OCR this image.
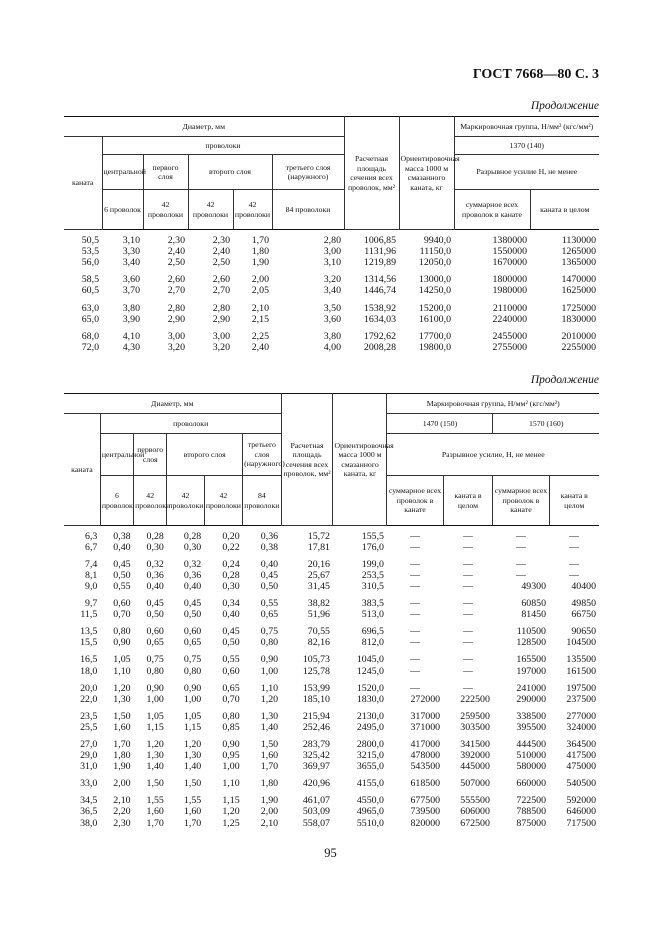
ГОСТ 7668—80 С. 3
Продолжение
Диаметр, мм						Расчетная площадь сечения всех проволок, мм²	Ориентировочная масса 1000 м смазанного каната, кг	Маркировочная группа, Н/мм² (кгс/мм²)	
каната	проволоки							1370 (140)	
	центральной	первого слоя	второго слоя		третьего слоя (наружного)			Разрывное усилие Н, не менее	
	6 проволок	42 проволоки	42 проволоки	42 проволоки	84 проволоки			суммарное всех проволок в канате	каната в целом
50,5	3,10	2,30	2,30	1,70	2,80	1006,85	9940,0	1380000	1130000
53,5	3,30	2,40	2,40	1,80	3,00	1131,96	11150,0	1550000	1265000
56,0	3,40	2,50	2,50	1,90	3,10	1219,89	12050,0	1670000	1365000
58,5	3,60	2,60	2,60	2,00	3,20	1314,56	13000,0	1800000	1470000
60,5	3,70	2,70	2,70	2,05	3,40	1446,74	14250,0	1980000	1625000
63,0	3,80	2,80	2,80	2,10	3,50	1538,92	15200,0	2110000	1725000
65,0	3,90	2,90	2,90	2,15	3,60	1634,03	16100,0	2240000	1830000
68,0	4,10	3,00	3,00	2,25	3,80	1792,62	17700,0	2455000	2010000
72,0	4,30	3,20	3,20	2,40	4,00	2008,28	19800,0	2755000	2255000
Продолжение
Диаметр, мм						Расчетная площадь сечения всех проволок, мм²	Ориентировочная масса 1000 м смазанного каната, кг	Маркировочная группа, Н/мм² (кгс/мм²)			
каната	проволоки							1470 (150)		1570 (160)	
	центральной	первого слоя	второго слоя		третьего слоя (наружного)			Разрывное усилие, Н, не менее			
	6 проволок	42 проволоки	42 проволоки	42 проволоки	84 проволоки			суммарное всех проволок в канате	каната в целом	суммарное всех проволок в канате	каната в целом
6,3	0,38	0,28	0,28	0,20	0,36	15,72	155,5	—	—	—	—
6,7	0,40	0,30	0,30	0,22	0,38	17,81	176,0	—	—	—	—
7,4	0,45	0,32	0,32	0,24	0,40	20,16	199,0	—	—	—	—
8,1	0,50	0,36	0,36	0,28	0,45	25,67	253,5	—	—	—	—
9,0	0,55	0,40	0,40	0,30	0,50	31,45	310,5	—	—	49300	40400
9,7	0,60	0,45	0,45	0,34	0,55	38,82	383,5	—	—	60850	49850
11,5	0,70	0,50	0,50	0,40	0,65	51,96	513,0	—	—	81450	66750
13,5	0,80	0,60	0,60	0,45	0,75	70,55	696,5	—	—	110500	90650
15,5	0,90	0,65	0,65	0,50	0,80	82,16	812,0	—	—	128500	104500
16,5	1,05	0,75	0,75	0,55	0,90	105,73	1045,0	—	—	165500	135500
18,0	1,10	0,80	0,80	0,60	1,00	125,78	1245,0	—	—	197000	161500
20,0	1,20	0,90	0,90	0,65	1,10	153,99	1520,0	—	—	241000	197500
22,0	1,30	1,00	1,00	0,70	1,20	185,10	1830,0	272000	222500	290000	237500
23,5	1,50	1,05	1,05	0,80	1,30	215,94	2130,0	317000	259500	338500	277000
25,5	1,60	1,15	1,15	0,85	1,40	252,46	2495,0	371000	303500	395500	324000
27,0	1,70	1,20	1,20	0,90	1,50	283,79	2800,0	417000	341500	444500	364500
29,0	1,80	1,30	1,30	0,95	1,60	325,42	3215,0	478000	392000	510000	417500
31,0	1,90	1,40	1,40	1,00	1,70	369,97	3655,0	543500	445000	580000	475000
33,0	2,00	1,50	1,50	1,10	1,80	420,96	4155,0	618500	507000	660000	540500
34,5	2,10	1,55	1,55	1,15	1,90	461,07	4550,0	677500	555500	722500	592000
36,5	2,20	1,60	1,60	1,20	2,00	503,09	4965,0	739500	606000	788500	646000
38,0	2,30	1,70	1,70	1,25	2,10	558,07	5510,0	820000	672500	875000	717500
95
